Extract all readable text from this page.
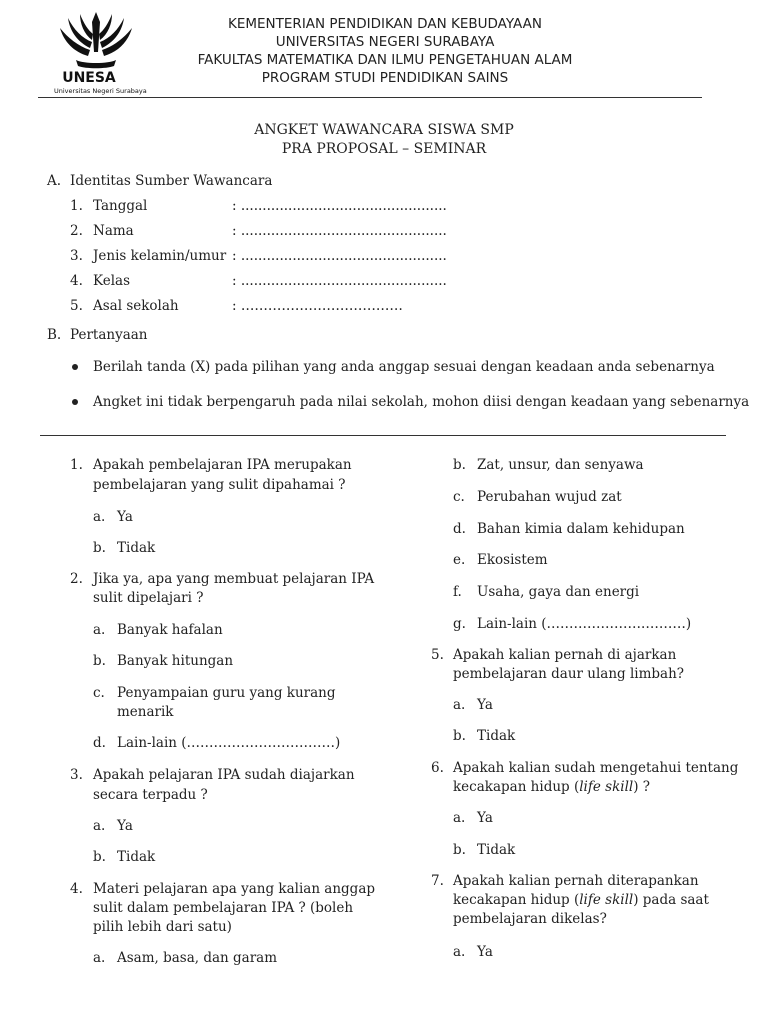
UNESA
Universitas Negeri Surabaya
KEMENTERIAN PENDIDIKAN DAN KEBUDAYAAN
UNIVERSITAS NEGERI SURABAYA
FAKULTAS MATEMATIKA DAN ILMU PENGETAHUAN ALAM
PROGRAM STUDI PENDIDIKAN SAINS
ANGKET WAWANCARA SISWA SMP
PRA PROPOSAL – SEMINAR
A. Identitas Sumber Wawancara
1. Tanggal	: ................................................
2. Nama	: ................................................
3. Jenis kelamin/umur : ................................................
4. Kelas	: ................................................
5. Asal sekolah	: ………………………………
B. Pertanyaan
Berilah tanda (X) pada pilihan yang anda anggap sesuai dengan keadaan anda sebenarnya
Angket ini tidak berpengaruh pada nilai sekolah, mohon diisi dengan keadaan yang sebenarnya
1. Apakah pembelajaran IPA merupakan
pembelajaran yang sulit dipahamai ?
a. Ya
b. Tidak
2. Jika ya, apa yang membuat pelajaran IPA
sulit dipelajari ?
a. Banyak hafalan
b. Banyak hitungan
c. Penyampaian guru yang kurang
menarik
d. Lain-lain (……………………………)
3. Apakah pelajaran IPA sudah diajarkan
secara terpadu ?
a. Ya
b. Tidak
4. Materi pelajaran apa yang kalian anggap
sulit dalam pembelajaran IPA ? (boleh
pilih lebih dari satu)
a. Asam, basa, dan garam
b. Zat, unsur, dan senyawa
c. Perubahan wujud zat
d. Bahan kimia dalam kehidupan
e. Ekosistem
f. Usaha, gaya dan energi
g. Lain-lain (………………….………)
5. Apakah kalian pernah di ajarkan
pembelajaran daur ulang limbah?
a. Ya
b. Tidak
6. Apakah kalian sudah mengetahui tentang
kecakapan hidup (life skill) ?
a. Ya
b. Tidak
7. Apakah kalian pernah diterapankan
kecakapan hidup (life skill) pada saat
pembelajaran dikelas?
a. Ya
